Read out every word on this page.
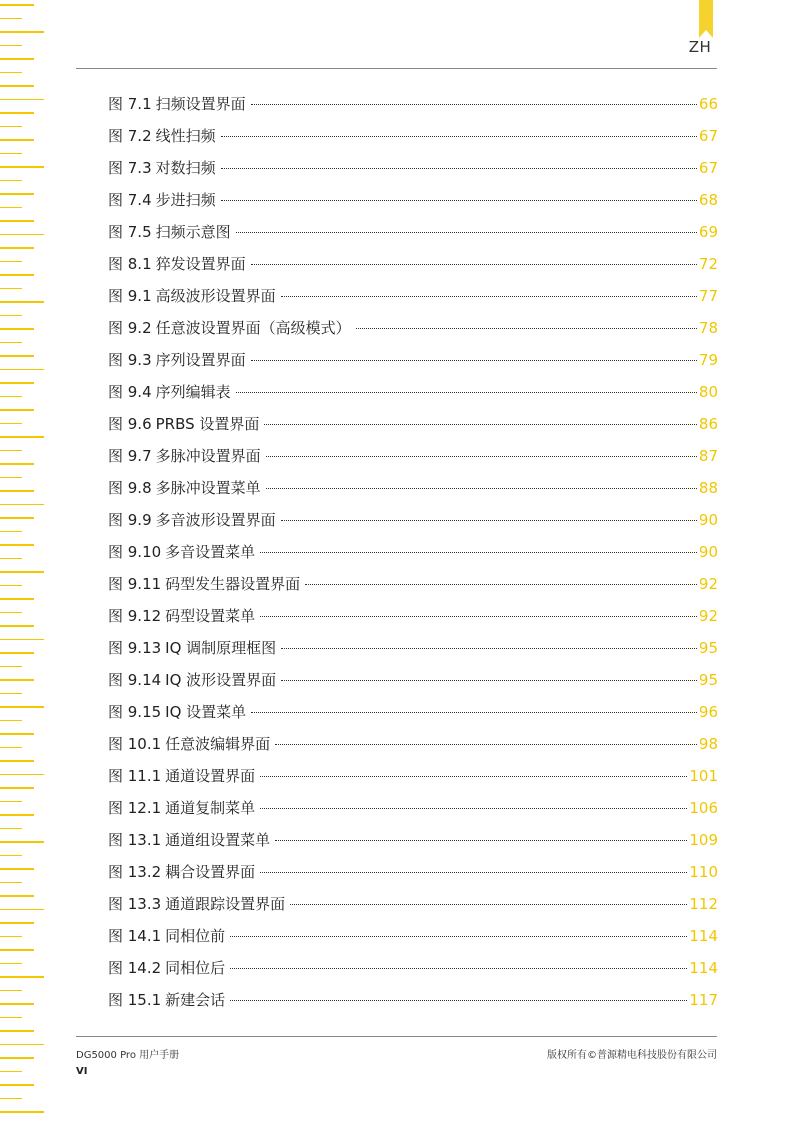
ZH
图 7.1 扫频设置界面	66
图 7.2 线性扫频	67
图 7.3 对数扫频	67
图 7.4 步进扫频	68
图 7.5 扫频示意图	69
图 8.1 猝发设置界面	72
图 9.1 高级波形设置界面	77
图 9.2 任意波设置界面（高级模式）	78
图 9.3 序列设置界面	79
图 9.4 序列编辑表	80
图 9.6 PRBS 设置界面	86
图 9.7 多脉冲设置界面	87
图 9.8 多脉冲设置菜单	88
图 9.9 多音波形设置界面	90
图 9.10 多音设置菜单	90
图 9.11 码型发生器设置界面	92
图 9.12 码型设置菜单	92
图 9.13 IQ 调制原理框图	95
图 9.14 IQ 波形设置界面	95
图 9.15 IQ 设置菜单	96
图 10.1 任意波编辑界面	98
图 11.1 通道设置界面	101
图 12.1 通道复制菜单	106
图 13.1 通道组设置菜单	109
图 13.2 耦合设置界面	110
图 13.3 通道跟踪设置界面	112
图 14.1 同相位前	114
图 14.2 同相位后	114
图 15.1 新建会话	117
DG5000 Pro 用户手册	版权所有©普源精电科技股份有限公司
VI
